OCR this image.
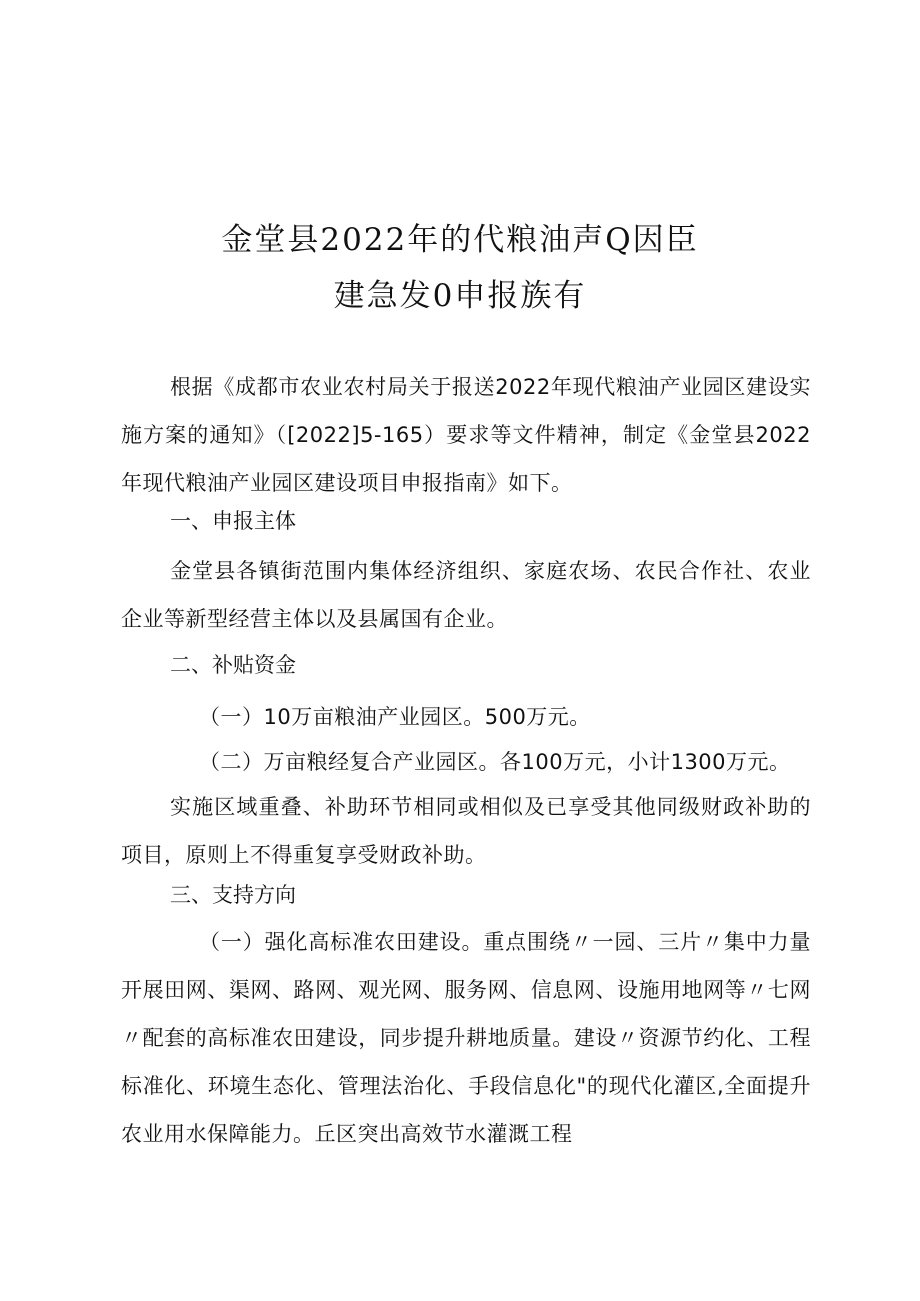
金堂县2022年的代粮油声Q因臣
建急发0申报族有
根据《成都市农业农村局关于报送2022年现代粮油产业园区建设实施方案的通知》（[2022]5-165）要求等文件精神，制定《金堂县2022年现代粮油产业园区建设项目申报指南》如下。
一、申报主体
金堂县各镇街范围内集体经济组织、家庭农场、农民合作社、农业企业等新型经营主体以及县属国有企业。
二、补贴资金
（一）10万亩粮油产业园区。500万元。
（二）万亩粮经复合产业园区。各100万元，小计1300万元。
实施区域重叠、补助环节相同或相似及已享受其他同级财政补助的项目，原则上不得重复享受财政补助。
三、支持方向
（一）强化高标准农田建设。重点围绕〃一园、三片〃集中力量开展田网、渠网、路网、观光网、服务网、信息网、设施用地网等〃七网〃配套的高标准农田建设，同步提升耕地质量。建设〃资源节约化、工程标准化、环境生态化、管理法治化、手段信息化"的现代化灌区,全面提升农业用水保障能力。丘区突出高效节水灌溉工程
